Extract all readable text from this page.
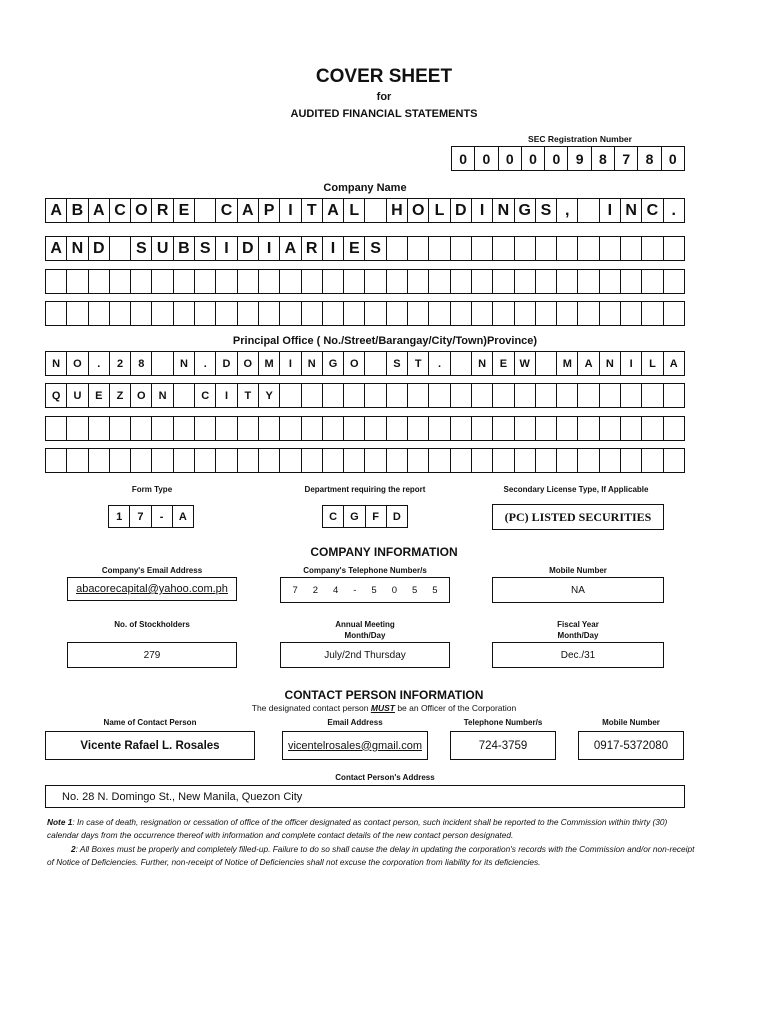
COVER SHEET
for
AUDITED FINANCIAL STATEMENTS
SEC Registration Number
0	0	0	0	0	9	8	7	8	0
Company Name
A B A C O R E	C A P I T A L	H O L D I N G S ,	I N C .
A N D	S U B S I D I A R I E S
Principal Office ( No./Street/Barangay/City/Town)Province)
N	O	.	2	8	N	.	D	O	M	I	N	G	O	S	T	.	N	E	W	M	A	N	I	L	A
Q	U	E	Z	O	N	C	I	T	Y
Form Type
1	7	-	A
Department requiring the report
C	G	F	D
Secondary License Type, If Applicable
(PC) LISTED SECURITIES
COMPANY INFORMATION
Company's Email Address
abacorecapital@yahoo.com.ph
Company's Telephone Number/s
7 2 4 - 5 0 5 5
Mobile Number
NA
No. of Stockholders
279
Annual Meeting
Month/Day
July/2nd Thursday
Fiscal Year
Month/Day
Dec./31
CONTACT PERSON INFORMATION
The designated contact person MUST be an Officer of the Corporation
Name of Contact Person
Vicente Rafael L. Rosales
Email Address
vicentelrosales@gmail.com
Telephone Number/s
724-3759
Mobile Number
0917-5372080
Contact Person's Address
No. 28 N. Domingo St., New Manila, Quezon City
Note 1: In case of death, resignation or cessation of office of the officer designated as contact person, such incident shall be reported to the Commission within thirty (30) calendar days from the occurrence thereof with information and complete contact details of the new contact person designated.
2: All Boxes must be properly and completely filled-up. Failure to do so shall cause the delay in updating the corporation's records with the Commission and/or non-receipt of Notice of Deficiencies. Further, non-receipt of Notice of Deficiencies shall not excuse the corporation from liability for its deficiencies.
